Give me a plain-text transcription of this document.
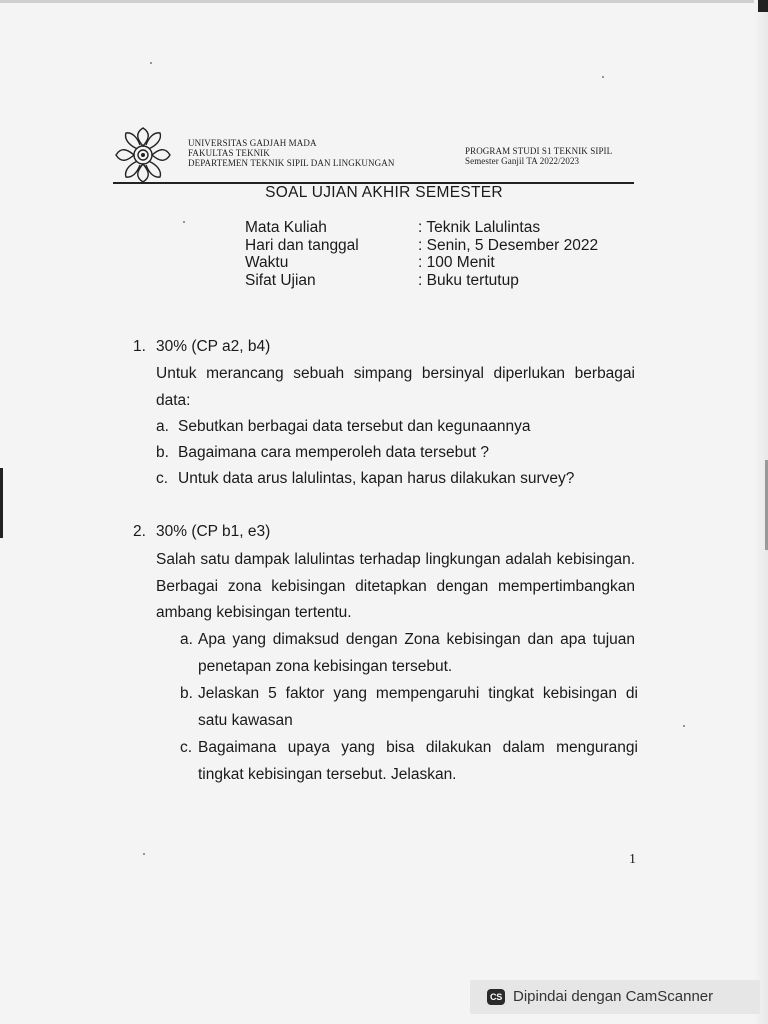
UNIVERSITAS GADJAH MADA
FAKULTAS TEKNIK
DEPARTEMEN TEKNIK SIPIL DAN LINGKUNGAN
PROGRAM STUDI S1 TEKNIK SIPIL
Semester Ganjil TA 2022/2023
SOAL UJIAN AKHIR SEMESTER
Mata Kuliah	: Teknik Lalulintas
Hari dan tanggal	: Senin, 5 Desember 2022
Waktu	: 100 Menit
Sifat Ujian	: Buku tertutup
1. 30% (CP a2, b4)
Untuk merancang sebuah simpang bersinyal diperlukan berbagai data:
a. Sebutkan berbagai data tersebut dan kegunaannya
b. Bagaimana cara memperoleh data tersebut ?
c. Untuk data arus lalulintas, kapan harus dilakukan survey?
2. 30% (CP b1, e3)
Salah satu dampak lalulintas terhadap lingkungan adalah kebisingan. Berbagai zona kebisingan ditetapkan dengan mempertimbangkan ambang kebisingan tertentu.
a. Apa yang dimaksud dengan Zona kebisingan dan apa tujuan penetapan zona kebisingan tersebut.
b. Jelaskan 5 faktor yang mempengaruhi tingkat kebisingan di satu kawasan
c. Bagaimana upaya yang bisa dilakukan dalam mengurangi tingkat kebisingan tersebut. Jelaskan.
1
CS Dipindai dengan CamScanner
